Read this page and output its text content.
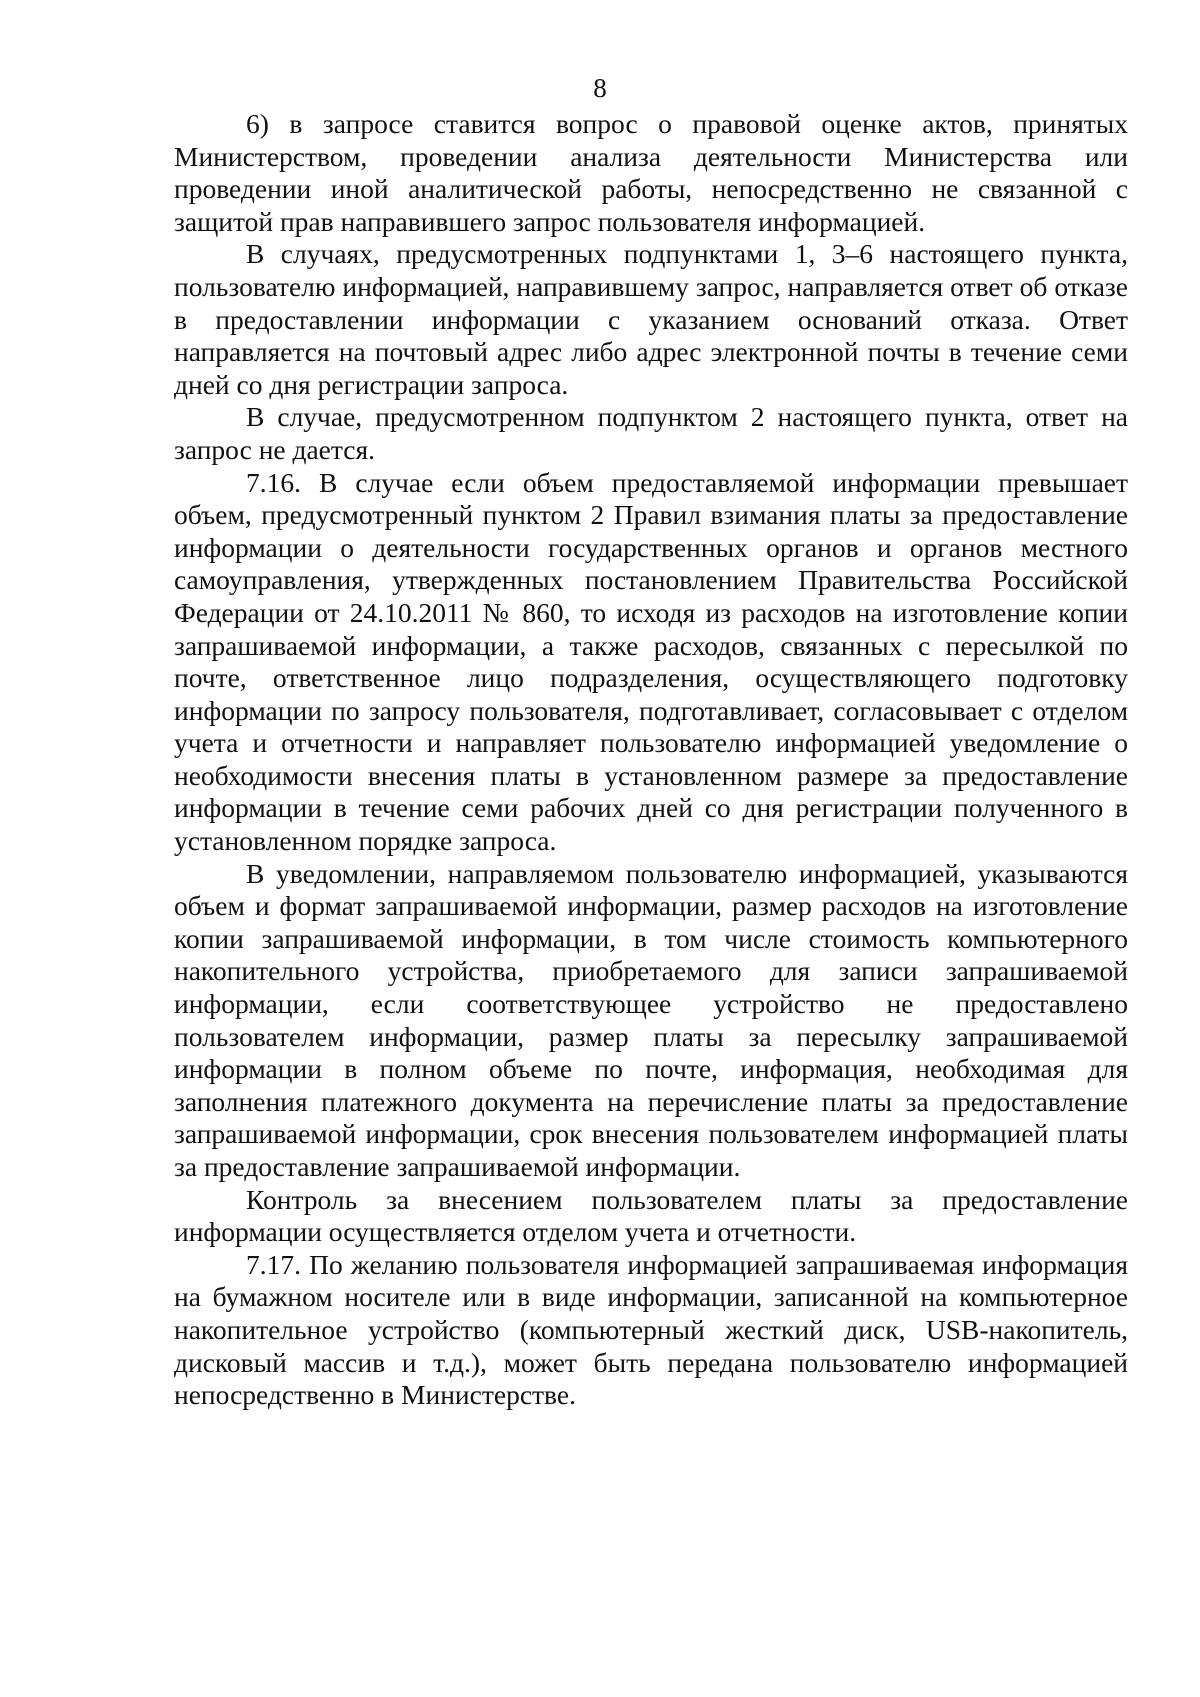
8

6) в запросе ставится вопрос о правовой оценке актов, принятых Министерством, проведении анализа деятельности Министерства или проведении иной аналитической работы, непосредственно не связанной с защитой прав направившего запрос пользователя информацией.

В случаях, предусмотренных подпунктами 1, 3–6 настоящего пункта, пользователю информацией, направившему запрос, направляется ответ об отказе в предоставлении информации с указанием оснований отказа. Ответ направляется на почтовый адрес либо адрес электронной почты в течение семи дней со дня регистрации запроса.

В случае, предусмотренном подпунктом 2 настоящего пункта, ответ на запрос не дается.

7.16. В случае если объем предоставляемой информации превышает объем, предусмотренный пунктом 2 Правил взимания платы за предоставление информации о деятельности государственных органов и органов местного самоуправления, утвержденных постановлением Правительства Российской Федерации от 24.10.2011 № 860, то исходя из расходов на изготовление копии запрашиваемой информации, а также расходов, связанных с пересылкой по почте, ответственное лицо подразделения, осуществляющего подготовку информации по запросу пользователя, подготавливает, согласовывает с отделом учета и отчетности и направляет пользователю информацией уведомление о необходимости внесения платы в установленном размере за предоставление информации в течение семи рабочих дней со дня регистрации полученного в установленном порядке запроса.

В уведомлении, направляемом пользователю информацией, указываются объем и формат запрашиваемой информации, размер расходов на изготовление копии запрашиваемой информации, в том числе стоимость компьютерного накопительного устройства, приобретаемого для записи запрашиваемой информации, если соответствующее устройство не предоставлено пользователем информации, размер платы за пересылку запрашиваемой информации в полном объеме по почте, информация, необходимая для заполнения платежного документа на перечисление платы за предоставление запрашиваемой информации, срок внесения пользователем информацией платы за предоставление запрашиваемой информации.

Контроль за внесением пользователем платы за предоставление информации осуществляется отделом учета и отчетности.

7.17. По желанию пользователя информацией запрашиваемая информация на бумажном носителе или в виде информации, записанной на компьютерное накопительное устройство (компьютерный жесткий диск, USB-накопитель, дисковый массив и т.д.), может быть передана пользователю информацией непосредственно в Министерстве.
